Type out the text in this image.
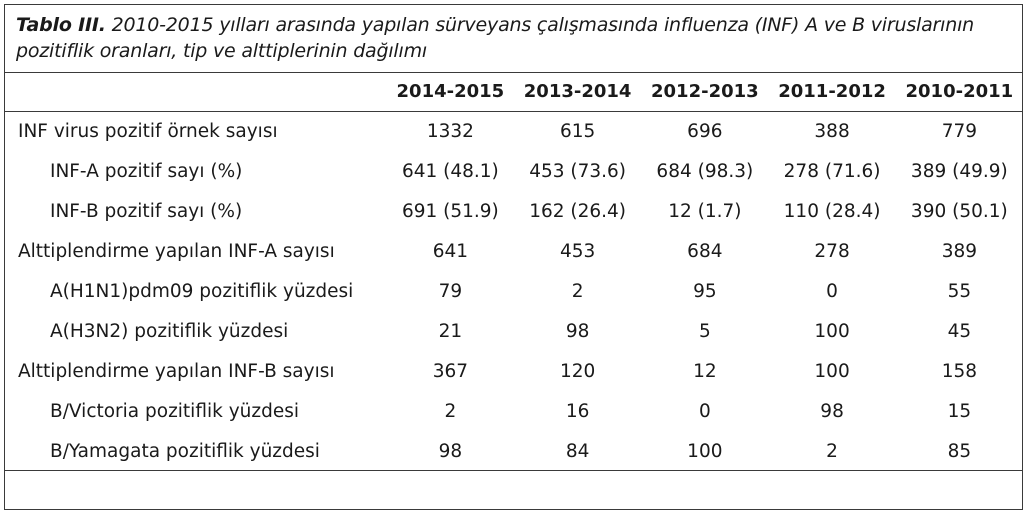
Tablo III. 2010-2015 yılları arasında yapılan sürveyans çalışmasında influenza (INF) A ve B viruslarının pozitiflik oranları, tip ve alttiplerinin dağılımı
	2014-2015	2013-2014	2012-2013	2011-2012	2010-2011
INF virus pozitif örnek sayısı	1332	615	696	388	779
INF-A pozitif sayı (%)	641 (48.1)	453 (73.6)	684 (98.3)	278 (71.6)	389 (49.9)
INF-B pozitif sayı (%)	691 (51.9)	162 (26.4)	12 (1.7)	110 (28.4)	390 (50.1)
Alttiplendirme yapılan INF-A sayısı	641	453	684	278	389
A(H1N1)pdm09 pozitiflik yüzdesi	79	2	95	0	55
A(H3N2) pozitiflik yüzdesi	21	98	5	100	45
Alttiplendirme yapılan INF-B sayısı	367	120	12	100	158
B/Victoria pozitiflik yüzdesi	2	16	0	98	15
B/Yamagata pozitiflik yüzdesi	98	84	100	2	85
